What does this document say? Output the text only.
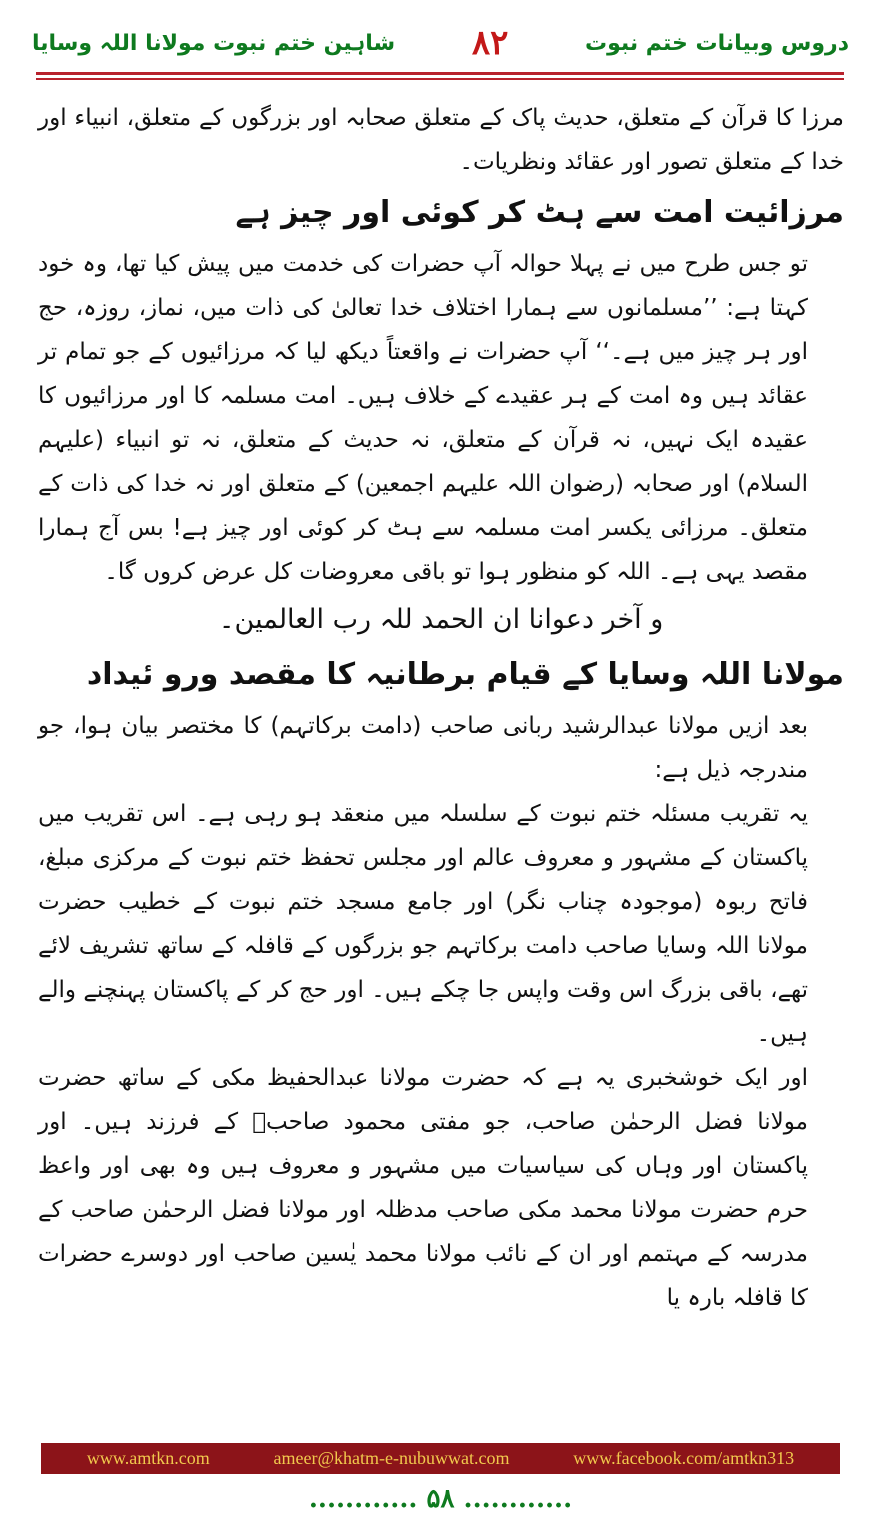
دروس وبیانات ختم نبوت
۸۲
شاہین ختم نبوت مولانا اللہ وسایا

مرزا کا قرآن کے متعلق، حدیث پاک کے متعلق صحابہ اور بزرگوں کے متعلق، انبیاء اور خدا کے متعلق تصور اور عقائد ونظریات۔

مرزائیت امت سے ہٹ کر کوئی اور چیز ہے

تو جس طرح میں نے پہلا حوالہ آپ حضرات کی خدمت میں پیش کیا تھا، وہ خود کہتا ہے: ’’مسلمانوں سے ہمارا اختلاف خدا تعالیٰ کی ذات میں، نماز، روزہ، حج اور ہر چیز میں ہے۔‘‘ آپ حضرات نے واقعتاً دیکھ لیا کہ مرزائیوں کے جو تمام تر عقائد ہیں وہ امت کے ہر عقیدے کے خلاف ہیں۔ امت مسلمہ کا اور مرزائیوں کا عقیدہ ایک نہیں، نہ قرآن کے متعلق، نہ حدیث کے متعلق، نہ تو انبیاء (علیہم السلام) اور صحابہ (رضوان اللہ علیہم اجمعین) کے متعلق اور نہ خدا کی ذات کے متعلق۔ مرزائی یکسر امت مسلمہ سے ہٹ کر کوئی اور چیز ہے! بس آج ہمارا مقصد یہی ہے۔ اللہ کو منظور ہوا تو باقی معروضات کل عرض کروں گا۔

و آخر دعوانا ان الحمد للہ رب العالمین۔

مولانا اللہ وسایا کے قیام برطانیہ کا مقصد ورو ئیداد

بعد ازیں مولانا عبدالرشید ربانی صاحب (دامت برکاتہم) کا مختصر بیان ہوا، جو مندرجہ ذیل ہے:

یہ تقریب مسئلہ ختم نبوت کے سلسلہ میں منعقد ہو رہی ہے۔ اس تقریب میں پاکستان کے مشہور و معروف عالم اور مجلس تحفظ ختم نبوت کے مرکزی مبلغ، فاتح ربوہ (موجودہ چناب نگر) اور جامع مسجد ختم نبوت کے خطیب حضرت مولانا اللہ وسایا صاحب دامت برکاتہم جو بزرگوں کے قافلہ کے ساتھ تشریف لائے تھے، باقی بزرگ اس وقت واپس جا چکے ہیں۔ اور حج کر کے پاکستان پہنچنے والے ہیں۔

اور ایک خوشخبری یہ ہے کہ حضرت مولانا عبدالحفیظ مکی کے ساتھ حضرت مولانا فضل الرحمٰن صاحب، جو مفتی محمود صاحبؒ کے فرزند ہیں۔ اور پاکستان اور وہاں کی سیاسیات میں مشہور و معروف ہیں وہ بھی اور واعظ حرم حضرت مولانا محمد مکی صاحب مدظلہ اور مولانا فضل الرحمٰن صاحب کے مدرسہ کے مہتمم اور ان کے نائب مولانا محمد یٰسین صاحب اور دوسرے حضرات کا قافلہ بارہ یا

www.amtkn.com	ameer@khatm-e-nubuwwat.com	www.facebook.com/amtkn313
............ ۵۸ ............
